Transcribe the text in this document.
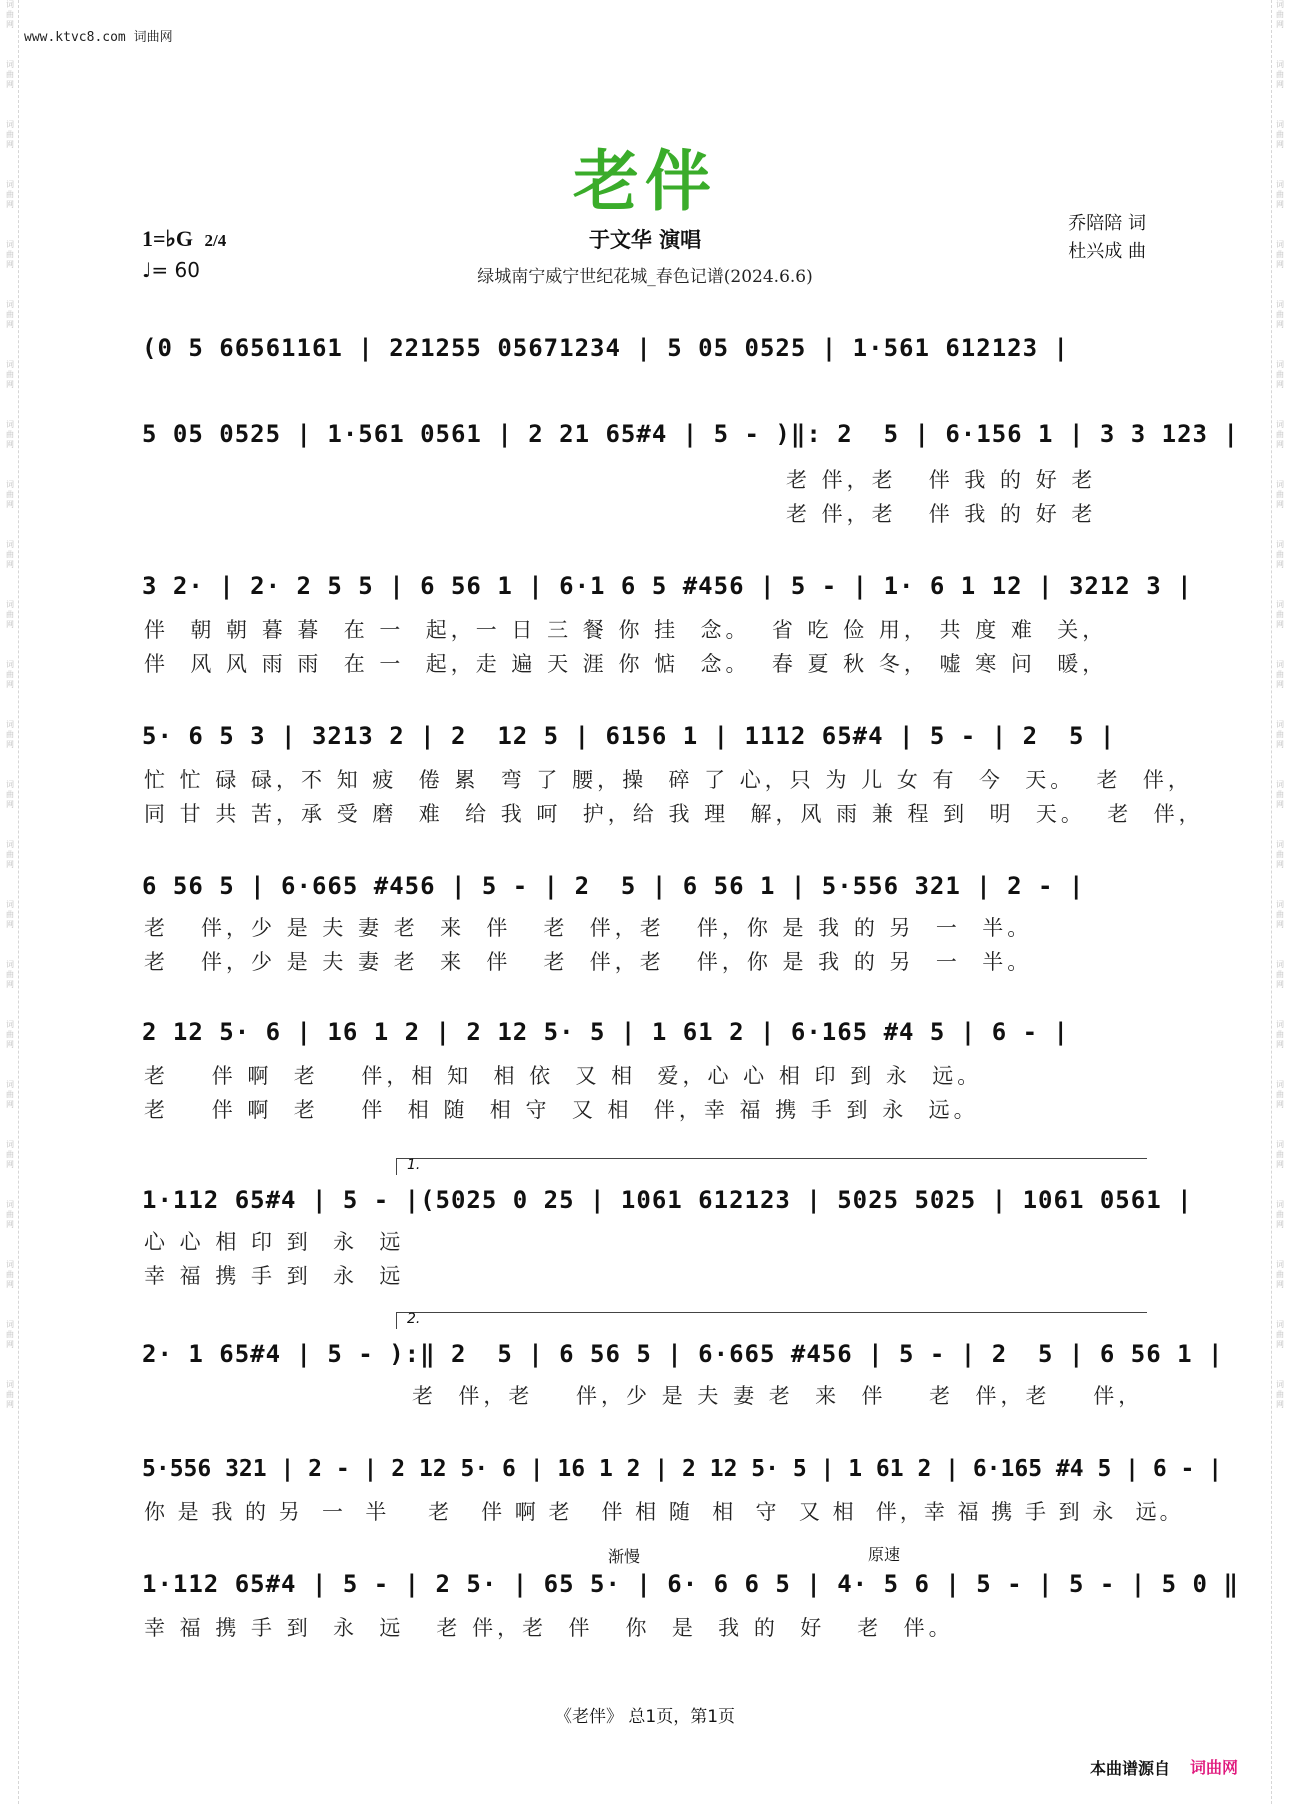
词曲网
词曲网
词曲网
词曲网
词曲网
词曲网
词曲网
词曲网
词曲网
词曲网
词曲网
词曲网
词曲网
词曲网
词曲网
词曲网
词曲网
词曲网
词曲网
词曲网
词曲网
词曲网
词曲网
词曲网
词曲网
词曲网
词曲网
词曲网
词曲网
词曲网
词曲网
词曲网
词曲网
词曲网
词曲网
词曲网
词曲网
词曲网
词曲网
词曲网
词曲网
词曲网
词曲网
词曲网
词曲网
词曲网
词曲网
词曲网
www.ktvc8.com 词曲网
老伴
于文华 演唱
绿城南宁威宁世纪花城_春色记谱(2024.6.6)
乔陪陪 词
杜兴成 曲
1=♭G 2/4
♩= 60
(0 5 66561161 | 221255 05671234 | 5 05 0525 | 1·561 612123 |
5 05 0525 | 1·561 0561 | 2 21 65#4 | 5 - )‖: 2  5 | 6·156 1 | 3 3 123 |
老 伴，老   伴 我 的 好 老
老 伴，老   伴 我 的 好 老
3 2· | 2· 2 5 5 | 6 56 1 | 6·1 6 5 #456 | 5 - | 1· 6 1 12 | 3212 3 |
伴  朝 朝 暮 暮  在 一  起，一 日 三 餐 你 挂  念。  省 吃 俭 用， 共 度 难  关，
伴  风 风 雨 雨  在 一  起，走 遍 天 涯 你 惦  念。  春 夏 秋 冬， 嘘 寒 问  暖，
5· 6 5 3 | 3213 2 | 2  12 5 | 6156 1 | 1112 65#4 | 5 - | 2  5 |
忙 忙 碌 碌，不 知 疲  倦 累  弯 了 腰，操  碎 了 心，只 为 儿 女 有  今  天。  老  伴，
同 甘 共 苦，承 受 磨  难  给 我 呵  护，给 我 理  解，风 雨 兼 程 到  明  天。  老  伴，
6 56 5 | 6·665 #456 | 5 - | 2  5 | 6 56 1 | 5·556 321 | 2 - |
老   伴，少 是 夫 妻 老  来  伴   老  伴，老   伴，你 是 我 的 另  一  半。
老   伴，少 是 夫 妻 老  来  伴   老  伴，老   伴，你 是 我 的 另  一  半。
2 12 5· 6 | 16 1 2 | 2 12 5· 5 | 1 61 2 | 6·165 #4 5 | 6 - |
老    伴 啊  老    伴，相 知  相 依  又 相  爱，心 心 相 印 到 永  远。
老    伴 啊  老    伴  相 随  相 守  又 相  伴，幸 福 携 手 到 永  远。
1.
1·112 65#4 | 5 - |(5025 0 25 | 1061 612123 | 5025 5025 | 1061 0561 |
心 心 相 印 到  永  远
幸 福 携 手 到  永  远
2.
2· 1 65#4 | 5 - ):‖ 2  5 | 6 56 5 | 6·665 #456 | 5 - | 2  5 | 6 56 1 |
老  伴，老    伴，少 是 夫 妻 老  来  伴    老  伴，老    伴，
5·556 321 | 2 - | 2 12 5· 6 | 16 1 2 | 2 12 5· 5 | 1 61 2 | 6·165 #4 5 | 6 - |
你 是 我 的 另  一  半    老   伴 啊 老   伴 相 随  相  守  又 相  伴，幸 福 携 手 到 永  远。
渐慢	原速
1·112 65#4 | 5 - | 2 5· | 65 5· | 6· 6 6 5 | 4· 5 6 | 5 - | 5 - | 5 0 ‖
幸 福 携 手 到  永  远   老 伴，老  伴   你  是  我 的  好   老  伴。
《老伴》 总1页，第1页
本曲谱源自 词曲网
